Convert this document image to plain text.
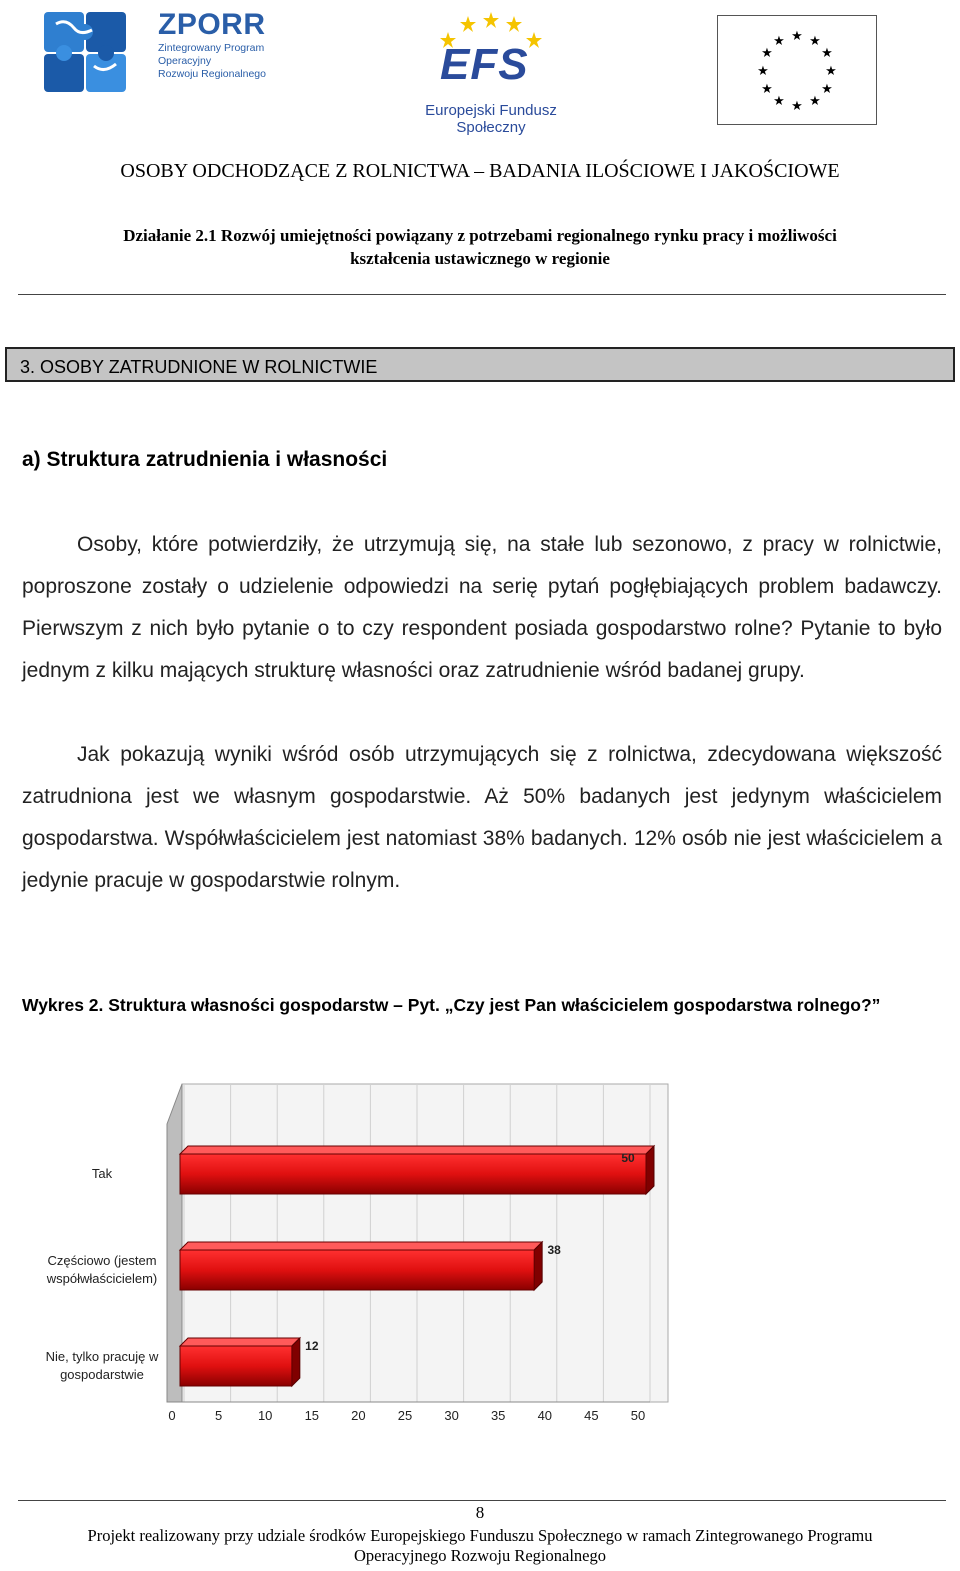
ZPORR
Zintegrowany Program
Operacyjny
Rozwoju Regionalnego	EFS
Europejski Fundusz Społeczny
★ ★
★
★
★
★
★
★
★
★
★
★
OSOBY ODCHODZĄCE Z ROLNICTWA – BADANIA ILOŚCIOWE I JAKOŚCIOWE
Działanie 2.1 Rozwój umiejętności powiązany z potrzebami regionalnego rynku pracy i możliwości
kształcenia ustawicznego w regionie
3. OSOBY ZATRUDNIONE W ROLNICTWIE
a) Struktura zatrudnienia i własności
Osoby, które potwierdziły, że utrzymują się, na stałe lub sezonowo, z pracy w rolnictwie, poproszone zostały o udzielenie odpowiedzi na serię pytań pogłębiających problem badawczy. Pierwszym z nich było pytanie o to czy respondent posiada gospodarstwo rolne? Pytanie to było jednym z kilku mających strukturę własności oraz zatrudnienie wśród badanej grupy.
Jak pokazują wyniki wśród osób utrzymujących się z rolnictwa, zdecydowana większość zatrudniona jest we własnym gospodarstwie. Aż 50% badanych jest jedynym właścicielem gospodarstwa. Współwłaścicielem jest natomiast 38% badanych. 12% osób nie jest właścicielem a jedynie pracuje w gospodarstwie rolnym.
Wykres 2. Struktura własności gospodarstw – Pyt. „Czy jest Pan właścicielem gospodarstwa rolnego?”
0	5	10 15 20 25 30 35 40 45 50
50
Tak
38
Częściowo (jestem
współwłaścicielem)
12
Nie, tylko pracuję w
gospodarstwie
8
Projekt realizowany przy udziale środków Europejskiego Funduszu Społecznego w ramach Zintegrowanego Programu
Operacyjnego Rozwoju Regionalnego
